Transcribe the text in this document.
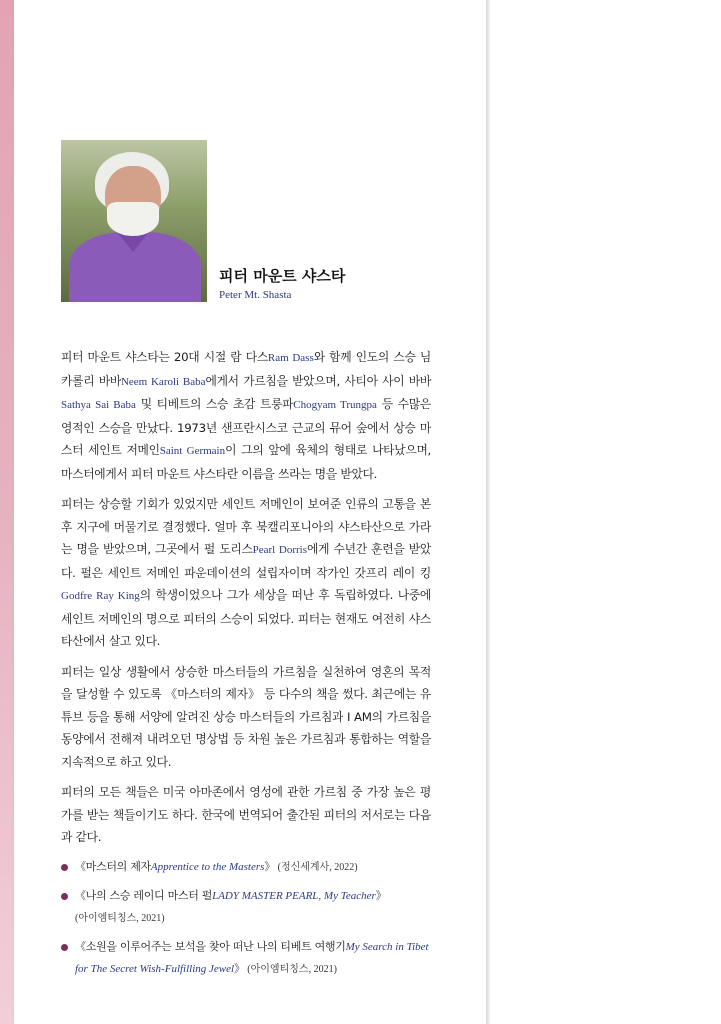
피터 마운트 샤스타
Peter Mt. Shasta

피터 마운트 샤스타는 20대 시절 람 다스Ram Dass와 함께 인도의 스승 님 카롤리 바바Neem Karoli Baba에게서 가르침을 받았으며, 사티아 사이 바바Sathya Sai Baba 및 티베트의 스승 초감 트룽파Chogyam Trungpa 등 수많은 영적인 스승을 만났다. 1973년 샌프란시스코 근교의 뮤어 숲에서 상승 마스터 세인트 저메인Saint Germain이 그의 앞에 육체의 형태로 나타났으며, 마스터에게서 피터 마운트 샤스타란 이름을 쓰라는 명을 받았다.

피터는 상승할 기회가 있었지만 세인트 저메인이 보여준 인류의 고통을 본 후 지구에 머물기로 결정했다. 얼마 후 북캘리포니아의 샤스타산으로 가라는 명을 받았으며, 그곳에서 펄 도리스Pearl Dorris에게 수년간 훈련을 받았다. 펄은 세인트 저메인 파운데이션의 설립자이며 작가인 갓프리 레이 킹Godfre Ray King의 학생이었으나 그가 세상을 떠난 후 독립하였다. 나중에 세인트 저메인의 명으로 피터의 스승이 되었다. 피터는 현재도 여전히 샤스타산에서 살고 있다.

피터는 일상 생활에서 상승한 마스터들의 가르침을 실천하여 영혼의 목적을 달성할 수 있도록 《마스터의 제자》 등 다수의 책을 썼다. 최근에는 유튜브 등을 통해 서양에 알려진 상승 마스터들의 가르침과 I AM의 가르침을 동양에서 전해져 내려오던 명상법 등 차원 높은 가르침과 통합하는 역할을 지속적으로 하고 있다.

피터의 모든 책들은 미국 아마존에서 영성에 관한 가르침 중 가장 높은 평가를 받는 책들이기도 하다. 한국에 번역되어 출간된 피터의 저서로는 다음과 같다.

《마스터의 제자Apprentice to the Masters》 (정신세계사, 2022)
《나의 스승 레이디 마스터 펄LADY MASTER PEARL, My Teacher》
(아이엠티칭스, 2021)
《소원을 이루어주는 보석을 찾아 떠난 나의 티베트 여행기My Search in Tibet for The Secret Wish-Fulfilling Jewel》 (아이엠티칭스, 2021)
